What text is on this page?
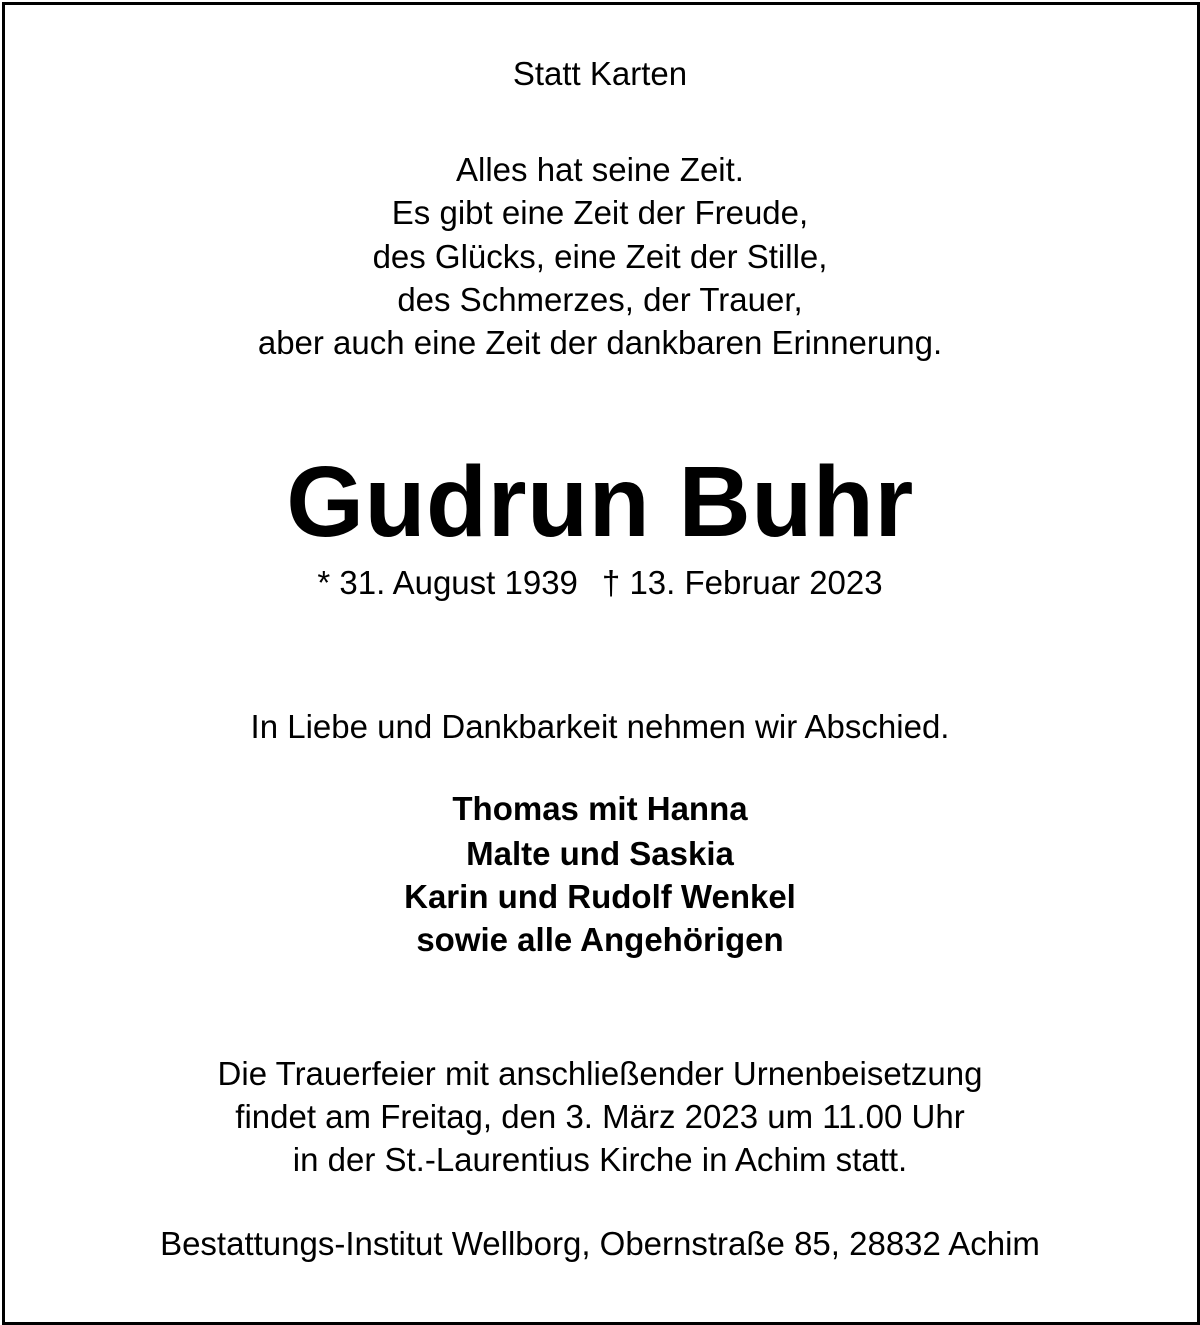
Statt Karten
Alles hat seine Zeit.
Es gibt eine Zeit der Freude,
des Glücks, eine Zeit der Stille,
des Schmerzes, der Trauer,
aber auch eine Zeit der dankbaren Erinnerung.
Gudrun Buhr
* 31. August 1939 † 13. Februar 2023
In Liebe und Dankbarkeit nehmen wir Abschied.
Thomas mit Hanna
Malte und Saskia
Karin und Rudolf Wenkel
sowie alle Angehörigen
Die Trauerfeier mit anschließender Urnenbeisetzung
findet am Freitag, den 3. März 2023 um 11.00 Uhr
in der St.-Laurentius Kirche in Achim statt.
Bestattungs-Institut Wellborg, Obernstraße 85, 28832 Achim
